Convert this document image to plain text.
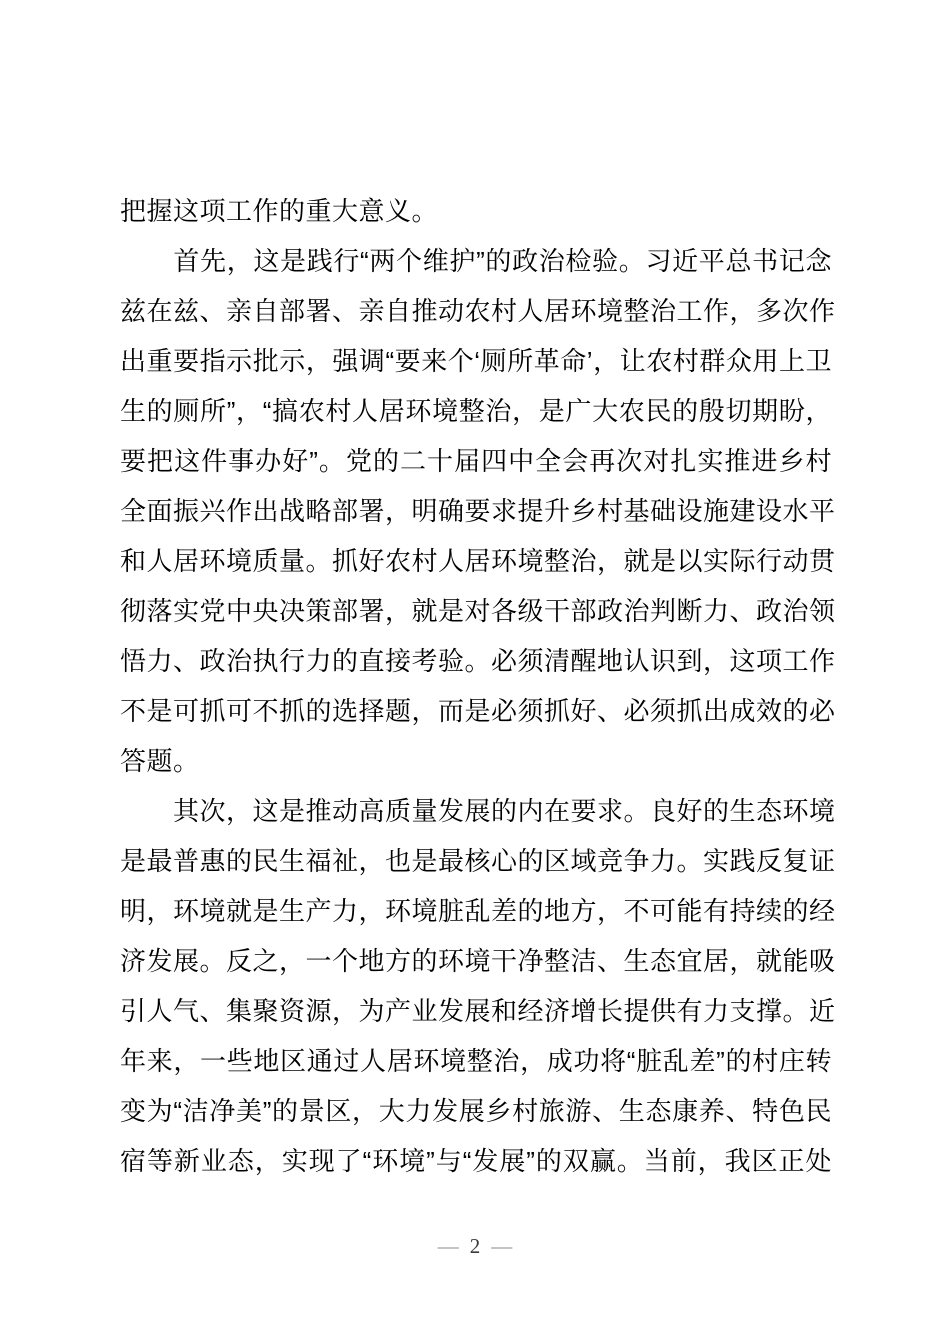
把握这项工作的重大意义。
　　首先，这是践行“两个维护”的政治检验。习近平总书记念
兹在兹、亲自部署、亲自推动农村人居环境整治工作，多次作
出重要指示批示，强调“要来个‘厕所革命’，让农村群众用上卫
生的厕所”，“搞农村人居环境整治，是广大农民的殷切期盼，
要把这件事办好”。党的二十届四中全会再次对扎实推进乡村
全面振兴作出战略部署，明确要求提升乡村基础设施建设水平
和人居环境质量。抓好农村人居环境整治，就是以实际行动贯
彻落实党中央决策部署，就是对各级干部政治判断力、政治领
悟力、政治执行力的直接考验。必须清醒地认识到，这项工作
不是可抓可不抓的选择题，而是必须抓好、必须抓出成效的必
答题。
　　其次，这是推动高质量发展的内在要求。良好的生态环境
是最普惠的民生福祉，也是最核心的区域竞争力。实践反复证
明，环境就是生产力，环境脏乱差的地方，不可能有持续的经
济发展。反之，一个地方的环境干净整洁、生态宜居，就能吸
引人气、集聚资源，为产业发展和经济增长提供有力支撑。近
年来，一些地区通过人居环境整治，成功将“脏乱差”的村庄转
变为“洁净美”的景区，大力发展乡村旅游、生态康养、特色民
宿等新业态，实现了“环境”与“发展”的双赢。当前，我区正处
— 2 —
